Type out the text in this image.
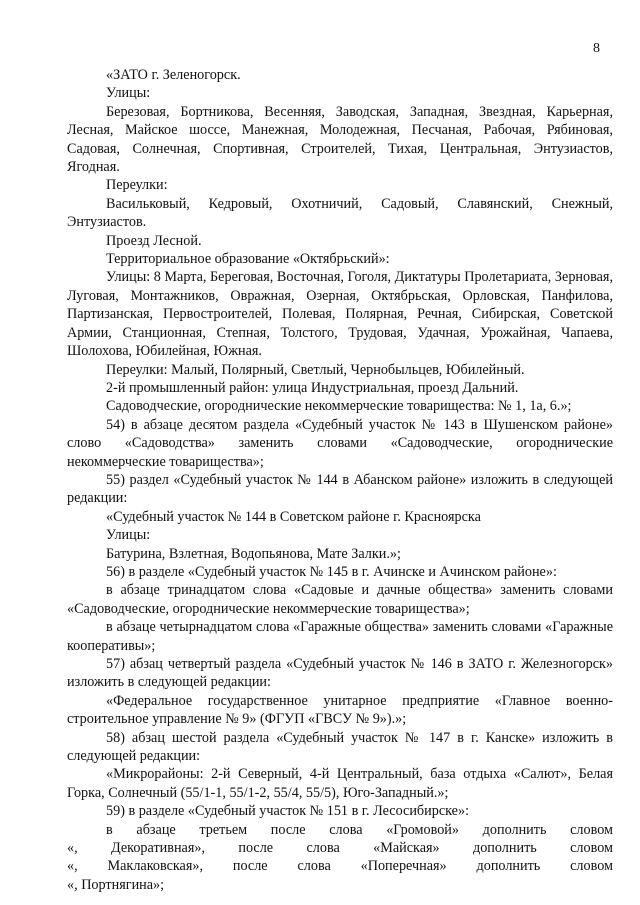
8

«ЗАТО г. Зеленогорск.

Улицы:

Березовая, Бортникова, Весенняя, Заводская, Западная, Звездная, Карьерная, Лесная, Майское шоссе, Манежная, Молодежная, Песчаная, Рабочая, Рябиновая, Садовая, Солнечная, Спортивная, Строителей, Тихая, Центральная, Энтузиастов, Ягодная.

Переулки:

Васильковый, Кедровый, Охотничий, Садовый, Славянский, Снежный, Энтузиастов.

Проезд Лесной.

Территориальное образование «Октябрьский»:

Улицы: 8 Марта, Береговая, Восточная, Гоголя, Диктатуры Пролетариата, Зерновая, Луговая, Монтажников, Овражная, Озерная, Октябрьская, Орловская, Панфилова, Партизанская, Первостроителей, Полевая, Полярная, Речная, Сибирская, Советской Армии, Станционная, Степная, Толстого, Трудовая, Удачная, Урожайная, Чапаева, Шолохова, Юбилейная, Южная.

Переулки: Малый, Полярный, Светлый, Чернобыльцев, Юбилейный.

2-й промышленный район: улица Индустриальная, проезд Дальний.

Садоводческие, огороднические некоммерческие товарищества: № 1, 1а, 6.»;

54) в абзаце десятом раздела «Судебный участок № 143 в Шушенском районе» слово «Садоводства» заменить словами «Садоводческие, огороднические некоммерческие товарищества»;

55) раздел «Судебный участок № 144 в Абанском районе» изложить в следующей редакции:

«Судебный участок № 144 в Советском районе г. Красноярска

Улицы:

Батурина, Взлетная, Водопьянова, Мате Залки.»;

56) в разделе «Судебный участок № 145 в г. Ачинске и Ачинском районе»:

в абзаце тринадцатом слова «Садовые и дачные общества» заменить словами «Садоводческие, огороднические некоммерческие товарищества»;

в абзаце четырнадцатом слова «Гаражные общества» заменить словами «Гаражные кооперативы»;

57) абзац четвертый раздела «Судебный участок № 146 в ЗАТО г. Железногорск» изложить в следующей редакции:

«Федеральное государственное унитарное предприятие «Главное военно-строительное управление № 9» (ФГУП «ГВСУ № 9»).»;

58) абзац шестой раздела «Судебный участок № 147 в г. Канске» изложить в следующей редакции:

«Микрорайоны: 2-й Северный, 4-й Центральный, база отдыха «Салют», Белая Горка, Солнечный (55/1-1, 55/1-2, 55/4, 55/5), Юго-Западный.»;

59) в разделе «Судебный участок № 151 в г. Лесосибирске»:

в абзаце третьем после слова «Громовой» дополнить словом

«, Декоративная», после слова «Майская» дополнить словом

«, Маклаковская», после слова «Поперечная» дополнить словом

«, Портнягина»;
